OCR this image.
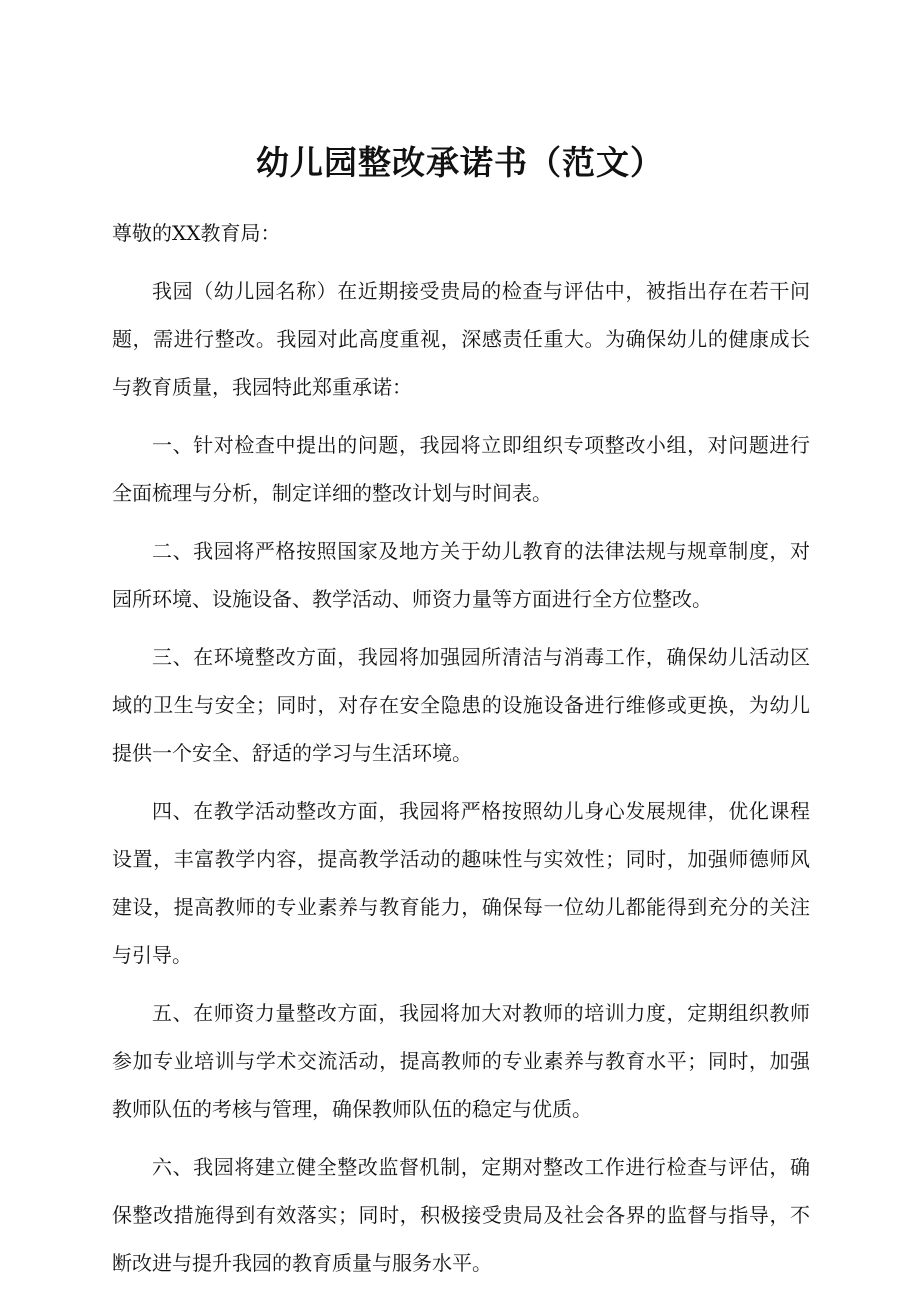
幼儿园整改承诺书（范文）
尊敬的XX教育局：

我园（幼儿园名称）在近期接受贵局的检查与评估中，被指出存在若干问题，需进行整改。我园对此高度重视，深感责任重大。为确保幼儿的健康成长与教育质量，我园特此郑重承诺：

一、针对检查中提出的问题，我园将立即组织专项整改小组，对问题进行全面梳理与分析，制定详细的整改计划与时间表。

二、我园将严格按照国家及地方关于幼儿教育的法律法规与规章制度，对园所环境、设施设备、教学活动、师资力量等方面进行全方位整改。

三、在环境整改方面，我园将加强园所清洁与消毒工作，确保幼儿活动区域的卫生与安全；同时，对存在安全隐患的设施设备进行维修或更换，为幼儿提供一个安全、舒适的学习与生活环境。

四、在教学活动整改方面，我园将严格按照幼儿身心发展规律，优化课程设置，丰富教学内容，提高教学活动的趣味性与实效性；同时，加强师德师风建设，提高教师的专业素养与教育能力，确保每一位幼儿都能得到充分的关注与引导。

五、在师资力量整改方面，我园将加大对教师的培训力度，定期组织教师参加专业培训与学术交流活动，提高教师的专业素养与教育水平；同时，加强教师队伍的考核与管理，确保教师队伍的稳定与优质。

六、我园将建立健全整改监督机制，定期对整改工作进行检查与评估，确保整改措施得到有效落实；同时，积极接受贵局及社会各界的监督与指导，不断改进与提升我园的教育质量与服务水平。
